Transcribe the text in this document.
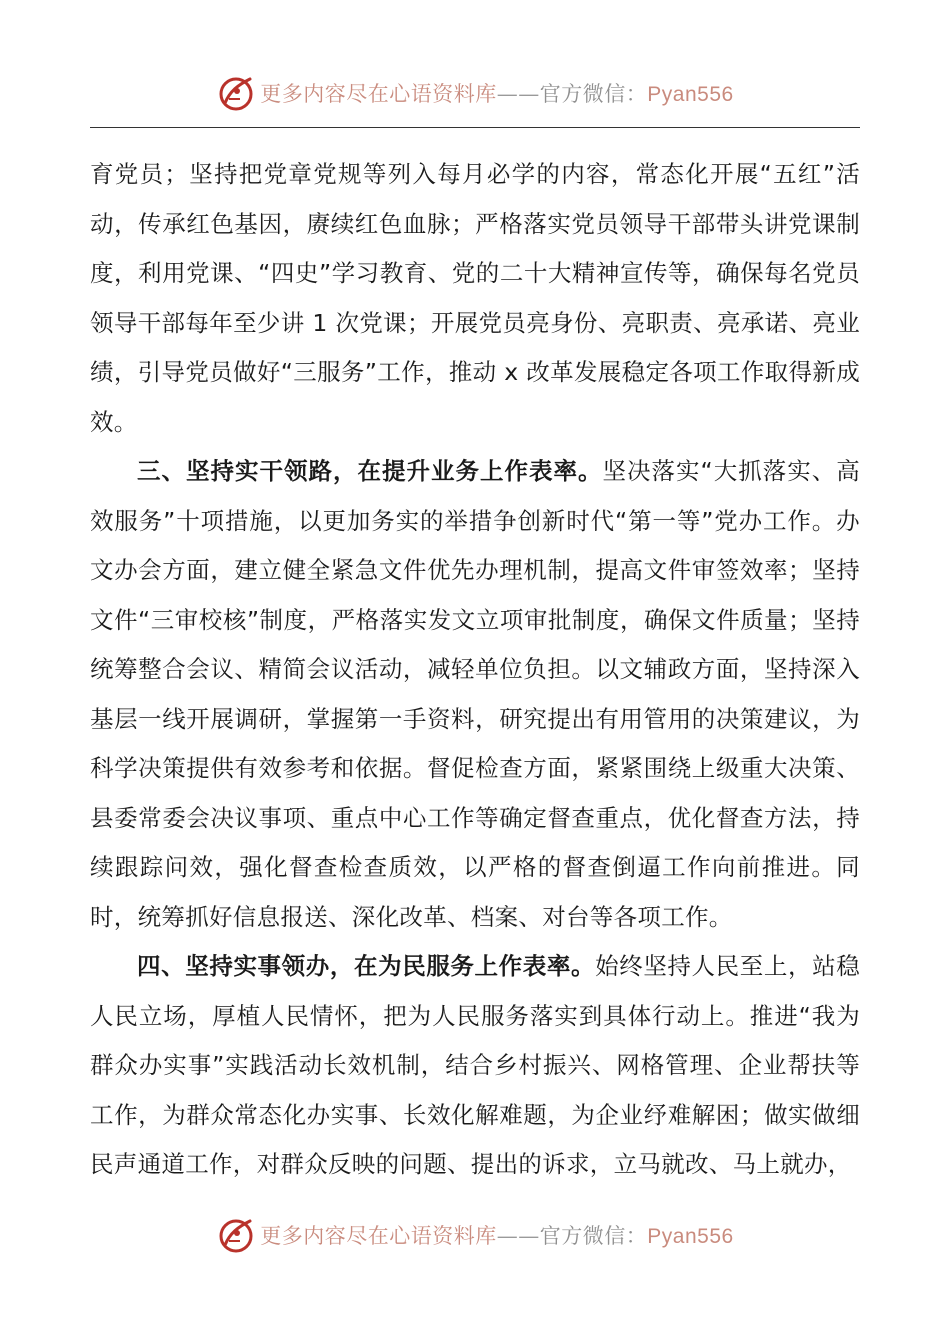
更多内容尽在心语资料库——官方微信：Pyan556

育党员；坚持把党章党规等列入每月必学的内容，常态化开展“五红”活动，传承红色基因，赓续红色血脉；严格落实党员领导干部带头讲党课制度，利用党课、“四史”学习教育、党的二十大精神宣传等，确保每名党员领导干部每年至少讲 1 次党课；开展党员亮身份、亮职责、亮承诺、亮业绩，引导党员做好“三服务”工作，推动 x 改革发展稳定各项工作取得新成效。

三、坚持实干领路，在提升业务上作表率。坚决落实“大抓落实、高效服务”十项措施，以更加务实的举措争创新时代“第一等”党办工作。办文办会方面，建立健全紧急文件优先办理机制，提高文件审签效率；坚持文件“三审校核”制度，严格落实发文立项审批制度，确保文件质量；坚持统筹整合会议、精简会议活动，减轻单位负担。以文辅政方面，坚持深入基层一线开展调研，掌握第一手资料，研究提出有用管用的决策建议，为科学决策提供有效参考和依据。督促检查方面，紧紧围绕上级重大决策、县委常委会决议事项、重点中心工作等确定督查重点，优化督查方法，持续跟踪问效，强化督查检查质效，以严格的督查倒逼工作向前推进。同时，统筹抓好信息报送、深化改革、档案、对台等各项工作。

四、坚持实事领办，在为民服务上作表率。始终坚持人民至上，站稳人民立场，厚植人民情怀，把为人民服务落实到具体行动上。推进“我为群众办实事”实践活动长效机制，结合乡村振兴、网格管理、企业帮扶等工作，为群众常态化办实事、长效化解难题，为企业纾难解困；做实做细民声通道工作，对群众反映的问题、提出的诉求，立马就改、马上就办，

更多内容尽在心语资料库——官方微信：Pyan556
